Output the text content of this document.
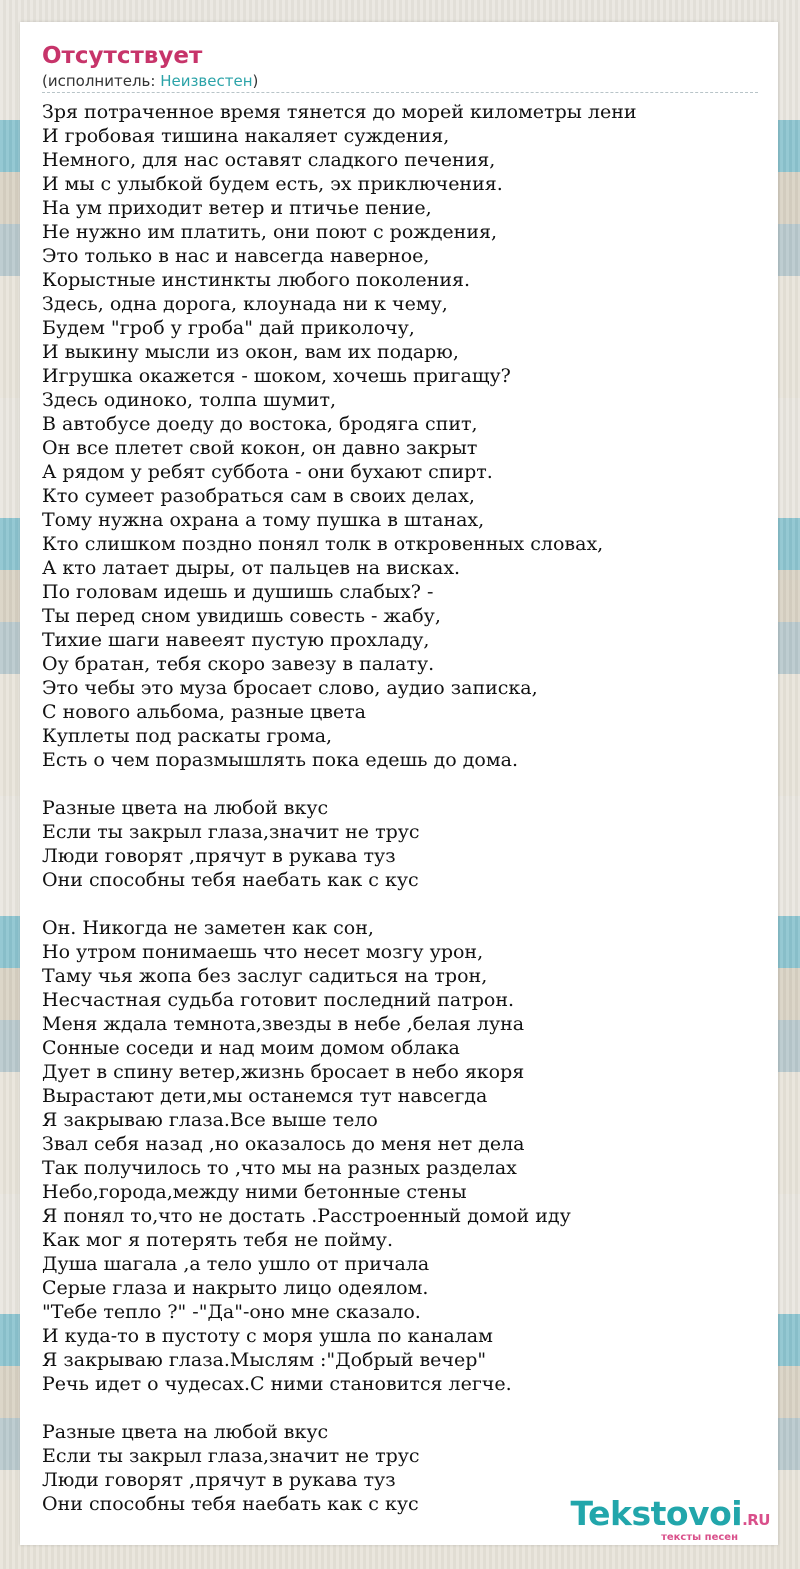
Отсутствует
(исполнитель: Неизвестен)
Зря потраченное время тянется до морей километры лени
И гробовая тишина накаляет суждения,
Немного, для нас оставят сладкого печения,
И мы с улыбкой будем есть, эх приключения.
На ум приходит ветер и птичье пение,
Не нужно им платить, они поют с рождения,
Это только в нас и навсегда наверное,
Корыстные инстинкты любого поколения.
Здесь, одна дорога, клоунада ни к чему,
Будем "гроб у гроба" дай приколочу,
И выкину мысли из окон, вам их подарю,
Игрушка окажется - шоком, хочешь пригащу?
Здесь одиноко, толпа шумит,
В автобусе доеду до востока, бродяга спит,
Он все плетет свой кокон, он давно закрыт
А рядом у ребят суббота - они бухают спирт.
Кто сумеет разобраться сам в своих делах,
Тому нужна охрана а тому пушка в штанах,
Кто слишком поздно понял толк в откровенных словах,
А кто латает дыры, от пальцев на висках.
По головам идешь и душишь слабых? -
Ты перед сном увидишь совесть - жабу,
Тихие шаги навееят пустую прохладу,
Оу братан, тебя скоро завезу в палату.
Это чебы это муза бросает слово, аудио записка,
С нового альбома, разные цвета
Куплеты под раскаты грома,
Есть о чем поразмышлять пока едешь до дома.
Разные цвета на любой вкус
Если ты закрыл глаза,значит не трус
Люди говорят ,прячут в рукава туз
Они способны тебя наебать как с кус
Он. Никогда не заметен как сон,
Но утром понимаешь что несет мозгу урон,
Таму чья жопа без заслуг садиться на трон,
Несчастная судьба готовит последний патрон.
Меня ждала темнота,звезды в небе ,белая луна
Сонные соседи и над моим домом облака
Дует в спину ветер,жизнь бросает в небо якоря
Вырастают дети,мы останемся тут навсегда
Я закрываю глаза.Все выше тело
Звал себя назад ,но оказалось до меня нет дела
Так получилось то ,что мы на разных разделах
Небо,города,между ними бетонные стены
Я понял то,что не достать .Расстроенный домой иду
Как мог я потерять тебя не пойму.
Душа шагала ,а тело ушло от причала
Серые глаза и накрыто лицо одеялом.
"Тебе тепло ?" -"Да"-оно мне сказало.
И куда-то в пустоту с моря ушла по каналам
Я закрываю глаза.Мыслям :"Добрый вечер"
Речь идет о чудесах.С ними становится легче.
Разные цвета на любой вкус
Если ты закрыл глаза,значит не трус
Люди говорят ,прячут в рукава туз
Они способны тебя наебать как с кус	Tekstovoi.RU
тексты песен
